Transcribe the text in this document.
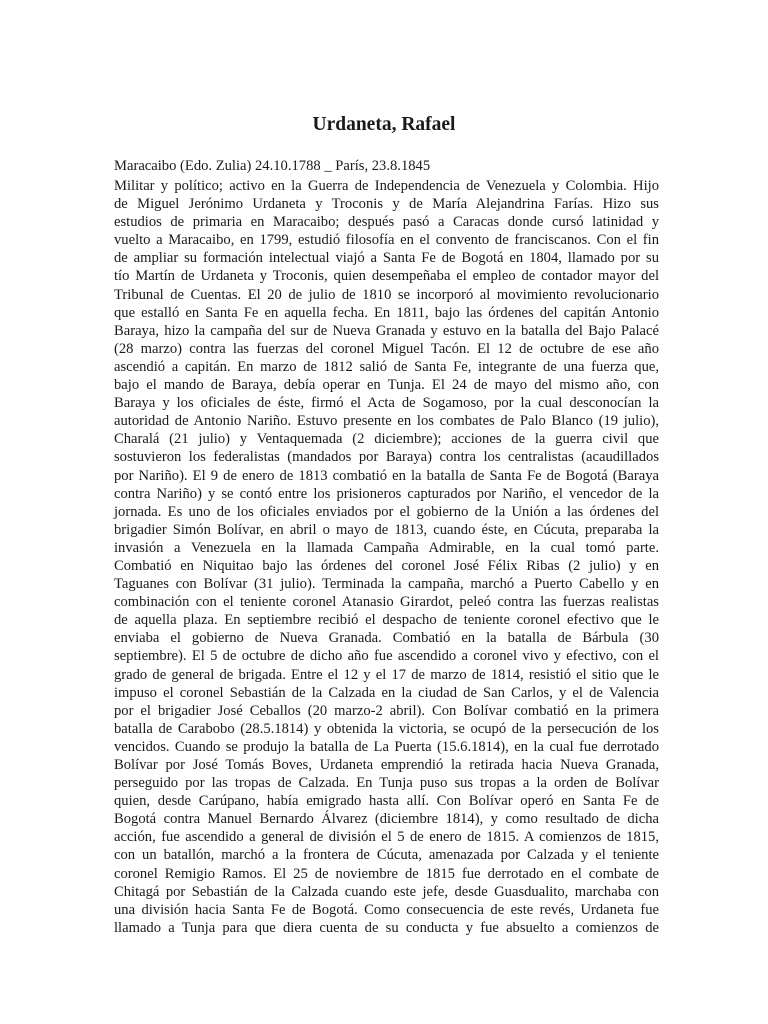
Urdaneta, Rafael
Maracaibo (Edo. Zulia) 24.10.1788 _ París, 23.8.1845
Militar y político; activo en la Guerra de Independencia de Venezuela y Colombia. Hijo
de Miguel Jerónimo Urdaneta y Troconis y de María Alejandrina Farías. Hizo sus
estudios de primaria en Maracaibo; después pasó a Caracas donde cursó latinidad y
vuelto a Maracaibo, en 1799, estudió filosofía en el convento de franciscanos. Con el fin
de ampliar su formación intelectual viajó a Santa Fe de Bogotá en 1804, llamado por su
tío Martín de Urdaneta y Troconis, quien desempeñaba el empleo de contador mayor del
Tribunal de Cuentas. El 20 de julio de 1810 se incorporó al movimiento revolucionario
que estalló en Santa Fe en aquella fecha. En 1811, bajo las órdenes del capitán Antonio
Baraya, hizo la campaña del sur de Nueva Granada y estuvo en la batalla del Bajo Palacé
(28 marzo) contra las fuerzas del coronel Miguel Tacón. El 12 de octubre de ese año
ascendió a capitán. En marzo de 1812 salió de Santa Fe, integrante de una fuerza que,
bajo el mando de Baraya, debía operar en Tunja. El 24 de mayo del mismo año, con
Baraya y los oficiales de éste, firmó el Acta de Sogamoso, por la cual desconocían la
autoridad de Antonio Nariño. Estuvo presente en los combates de Palo Blanco (19 julio),
Charalá (21 julio) y Ventaquemada (2 diciembre); acciones de la guerra civil que
sostuvieron los federalistas (mandados por Baraya) contra los centralistas (acaudillados
por Nariño). El 9 de enero de 1813 combatió en la batalla de Santa Fe de Bogotá (Baraya
contra Nariño) y se contó entre los prisioneros capturados por Nariño, el vencedor de la
jornada. Es uno de los oficiales enviados por el gobierno de la Unión a las órdenes del
brigadier Simón Bolívar, en abril o mayo de 1813, cuando éste, en Cúcuta, preparaba la
invasión a Venezuela en la llamada Campaña Admirable, en la cual tomó parte.
Combatió en Niquitao bajo las órdenes del coronel José Félix Ribas (2 julio) y en
Taguanes con Bolívar (31 julio). Terminada la campaña, marchó a Puerto Cabello y en
combinación con el teniente coronel Atanasio Girardot, peleó contra las fuerzas realistas
de aquella plaza. En septiembre recibió el despacho de teniente coronel efectivo que le
enviaba el gobierno de Nueva Granada. Combatió en la batalla de Bárbula (30
septiembre). El 5 de octubre de dicho año fue ascendido a coronel vivo y efectivo, con el
grado de general de brigada. Entre el 12 y el 17 de marzo de 1814, resistió el sitio que le
impuso el coronel Sebastián de la Calzada en la ciudad de San Carlos, y el de Valencia
por el brigadier José Ceballos (20 marzo-2 abril). Con Bolívar combatió en la primera
batalla de Carabobo (28.5.1814) y obtenida la victoria, se ocupó de la persecución de los
vencidos. Cuando se produjo la batalla de La Puerta (15.6.1814), en la cual fue derrotado
Bolívar por José Tomás Boves, Urdaneta emprendió la retirada hacia Nueva Granada,
perseguido por las tropas de Calzada. En Tunja puso sus tropas a la orden de Bolívar
quien, desde Carúpano, había emigrado hasta allí. Con Bolívar operó en Santa Fe de
Bogotá contra Manuel Bernardo Álvarez (diciembre 1814), y como resultado de dicha
acción, fue ascendido a general de división el 5 de enero de 1815. A comienzos de 1815,
con un batallón, marchó a la frontera de Cúcuta, amenazada por Calzada y el teniente
coronel Remigio Ramos. El 25 de noviembre de 1815 fue derrotado en el combate de
Chitagá por Sebastián de la Calzada cuando este jefe, desde Guasdualito, marchaba con
una división hacia Santa Fe de Bogotá. Como consecuencia de este revés, Urdaneta fue
llamado a Tunja para que diera cuenta de su conducta y fue absuelto a comienzos de
